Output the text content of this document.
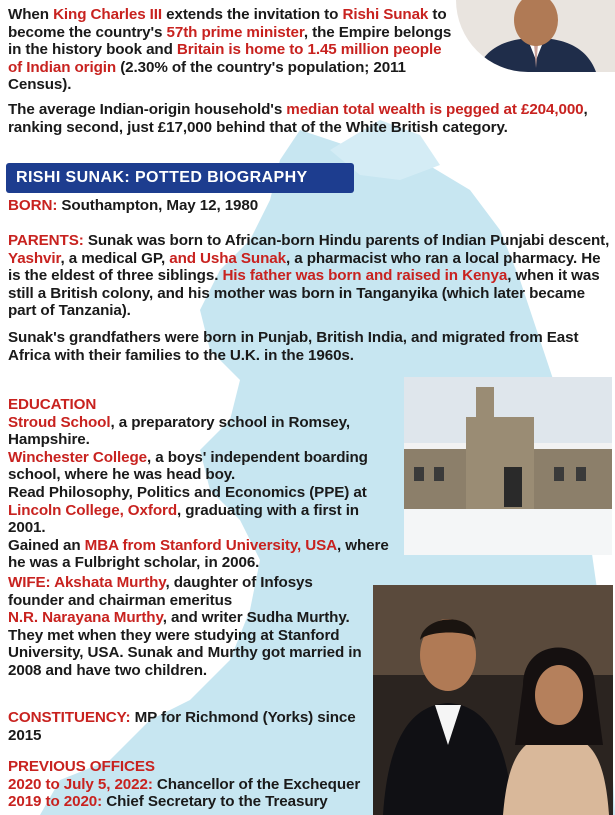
When King Charles III extends the invitation to Rishi Sunak to become the country's 57th prime minister, the Empire belongs in the history book and Britain is home to 1.45 million people of Indian origin (2.30% of the country's population; 2011 Census).

The average Indian-origin household's median total wealth is pegged at £204,000, ranking second, just £17,000 behind that of the White British category.

RISHI SUNAK: POTTED BIOGRAPHY

BORN: Southampton, May 12, 1980

PARENTS: Sunak was born to African-born Hindu parents of Indian Punjabi descent, Yashvir, a medical GP, and Usha Sunak, a pharmacist who ran a local pharmacy. He is the eldest of three siblings. His father was born and raised in Kenya, when it was still a British colony, and his mother was born in Tanganyika (which later became part of Tanzania).

Sunak's grandfathers were born in Punjab, British India, and migrated from East Africa with their families to the U.K. in the 1960s.

EDUCATION
Stroud School, a preparatory school in Romsey, Hampshire.
Winchester College, a boys' independent boarding school, where he was head boy.
Read Philosophy, Politics and Economics (PPE) at Lincoln College, Oxford, graduating with a first in 2001.
Gained an MBA from Stanford University, USA, where he was a Fulbright scholar, in 2006.

WIFE: Akshata Murthy, daughter of Infosys founder and chairman emeritus
N.R. Narayana Murthy, and writer Sudha Murthy. They met when they were studying at Stanford University, USA. Sunak and Murthy got married in 2008 and have two children.

CONSTITUENCY: MP for Richmond (Yorks) since 2015

PREVIOUS OFFICES
2020 to July 5, 2022: Chancellor of the Exchequer
2019 to 2020: Chief Secretary to the Treasury
